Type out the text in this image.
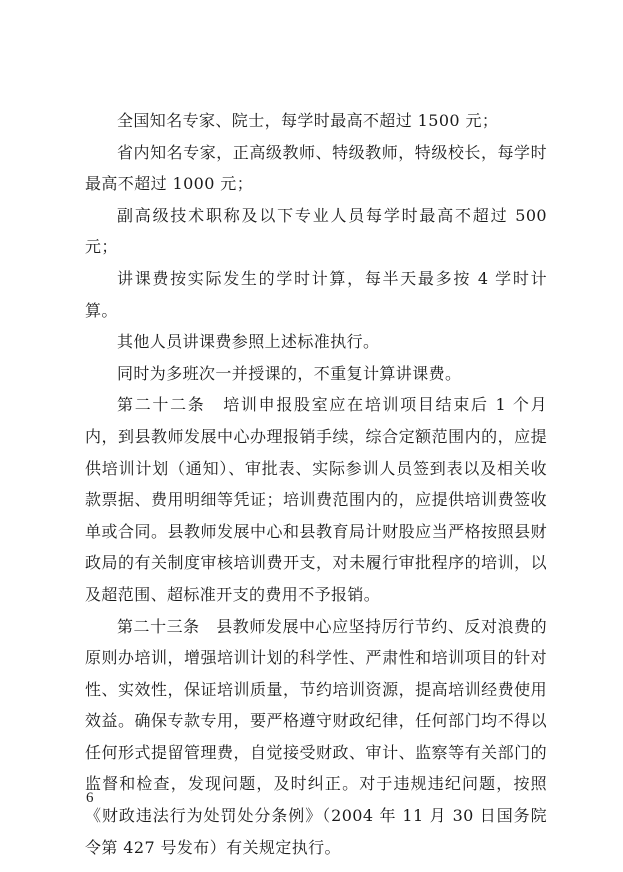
全国知名专家、院士，每学时最高不超过 1500 元；

省内知名专家，正高级教师、特级教师，特级校长，每学时最高不超过 1000 元；

副高级技术职称及以下专业人员每学时最高不超过 500 元；

讲课费按实际发生的学时计算，每半天最多按 4 学时计算。

其他人员讲课费参照上述标准执行。

同时为多班次一并授课的，不重复计算讲课费。

第二十二条　培训申报股室应在培训项目结束后 1 个月内，到县教师发展中心办理报销手续，综合定额范围内的，应提供培训计划（通知）、审批表、实际参训人员签到表以及相关收款票据、费用明细等凭证；培训费范围内的，应提供培训费签收单或合同。县教师发展中心和县教育局计财股应当严格按照县财政局的有关制度审核培训费开支，对未履行审批程序的培训，以及超范围、超标准开支的费用不予报销。

第二十三条　县教师发展中心应坚持厉行节约、反对浪费的原则办培训，增强培训计划的科学性、严肃性和培训项目的针对性、实效性，保证培训质量，节约培训资源，提高培训经费使用效益。确保专款专用，要严格遵守财政纪律，任何部门均不得以任何形式提留管理费，自觉接受财政、审计、监察等有关部门的监督和检查，发现问题，及时纠正。对于违规违纪问题，按照《财政违法行为处罚处分条例》（2004 年 11 月 30 日国务院令第 427 号发布）有关规定执行。

6
